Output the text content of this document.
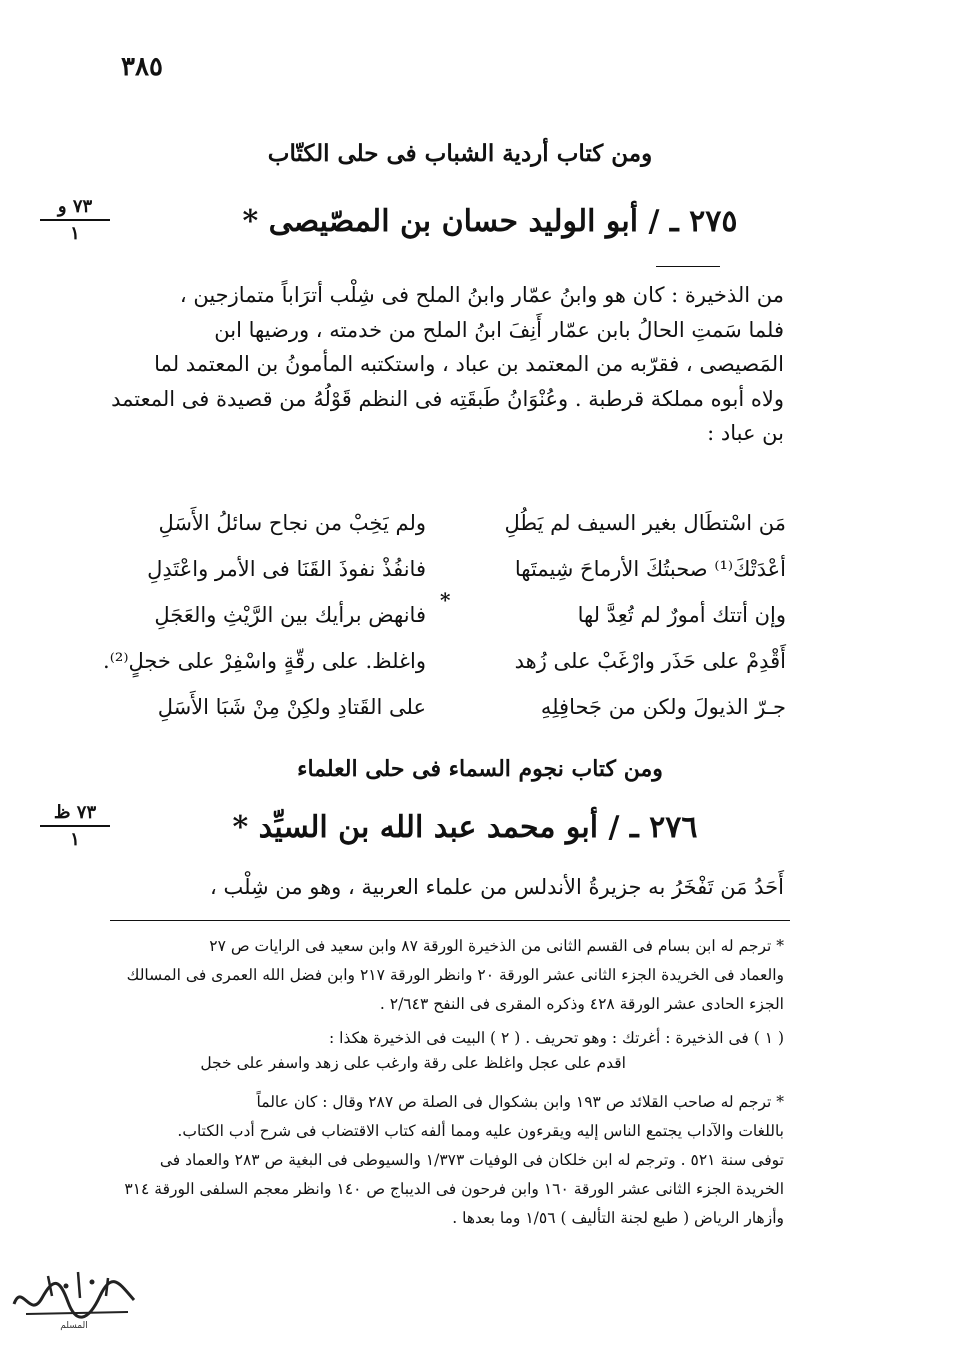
٣٨٥
ومن كتاب أردية الشباب فى حلى الكتّاب
٧٣ و
١	٢٧٥ ـ / أبو الوليد حسان بن المصّيصى *
من الذخيرة : كان هو وابنُ عمّار وابنُ الملح فى شِلْب أترَاباً متمازجين ،
فلما سَمتِ الحالُ بابن عمّار أَنِفَ ابنُ الملح من خدمته ، ورضيها ابن
المَصيصى ، فقرّبه من المعتمد بن عباد ، واستكتبه المأمونُ بن المعتمد لما
ولاه أبوه مملكة قرطبة . وعُنْوَانُ طَبقَتِه فى النظم قَوْلُهُ من قصيدة فى المعتمد
بن عباد :
مَن اسْتطَال بغير السيف لم يَطُلِ
أعْدَتْكَ⁽¹⁾ صحبتُكَ الأرماحَ شِيمتَها
وإن أتتك أمورٌ لم تُعِدَّ لها
أَقْدِمْ على حَذَر وارْغَبْ على زُهد
جـرّ الذيولَ ولكن من جَحافِلِهِ
*
ولم يَخِبْ من نجاح سائلُ الأَسَلِ
فانفُذْ نفوذَ القَنَا فى الأمر واعْتَدِلِ
فانهض برأيك بين الرَّيْثِ والعَجَلِ
واغلظ. على رقّةٍ واسْفِرْ على خجلٍ⁽²⁾.
على القَتادِ ولكِنْ مِنْ شَبَا الأَسَلِ
ومن كتاب نجوم السماء فى حلى العلماء
٧٣ ظ
١	٢٧٦ ـ / أبو محمد عبد الله بن السيِّد *
أَحَدُ مَن تَفْخَرُ به جزيرةُ الأندلس من علماء العربية ، وهو من شِلْب ،
* ترجم له ابن بسام فى القسم الثانى من الذخيرة الورقة ٨٧ وابن سعيد فى الرايات ص ٢٧
والعماد فى الخريدة الجزء الثانى عشر الورقة ٢٠ وانظر الورقة ٢١٧ وابن فضل الله العمرى فى المسالك
الجزء الحادى عشر الورقة ٤٢٨ وذكره المقرى فى النفح ٢/٦٤٣ .
( ١ ) فى الذخيرة : أغرتك : وهو تحريف . ( ٢ ) البيت فى الذخيرة هكذا :
اقدم على عجل واغلظ على رقة وارغب على زهد واسفر على خجل
* ترجم له صاحب القلائد ص ١٩٣ وابن بشكوال فى الصلة ص ٢٨٧ وقال : كان عالماً
باللغات والآداب يجتمع الناس إليه ويقرءون عليه ومما ألفه كتاب الاقتضاب فى شرح أدب الكتاب.
توفى سنة ٥٢١ . وترجم له ابن خلكان فى الوفيات ١/٣٧٣ والسيوطى فى البغية ص ٢٨٣ والعماد فى
الخريدة الجزء الثانى عشر الورقة ١٦٠ وابن فرحون فى الديباج ص ١٤٠ وانظر معجم السلفى الورقة ٣١٤
وأزهار الرياض ( طبع لجنة التأليف ) ١/٥٦ وما بعدها .
المسلم
